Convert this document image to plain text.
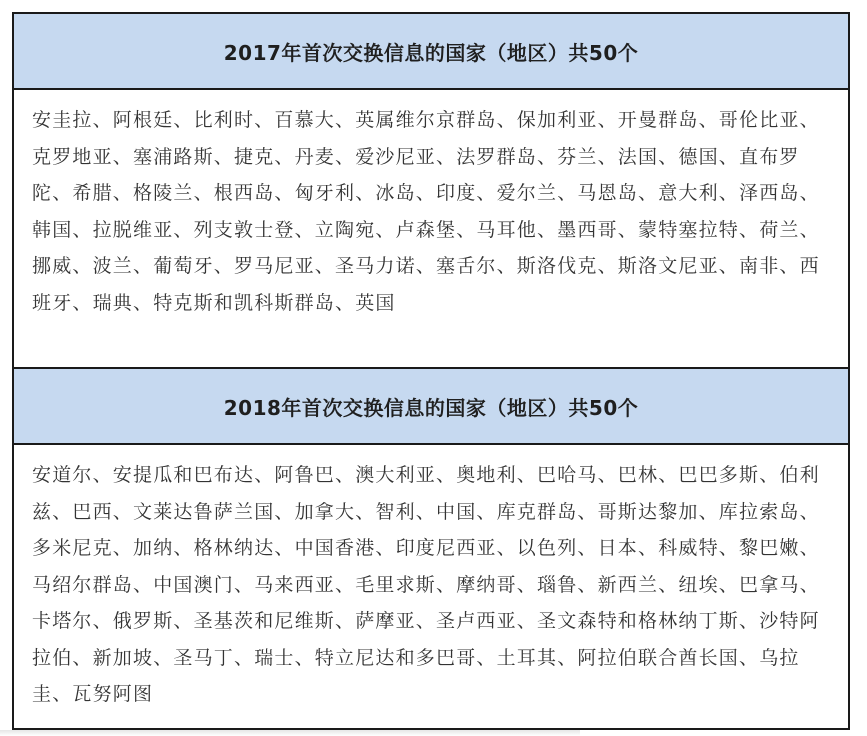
2017年首次交换信息的国家（地区）共50个
安圭拉、阿根廷、比利时、百慕大、英属维尔京群岛、保加利亚、开曼群岛、哥伦比亚、克罗地亚、塞浦路斯、捷克、丹麦、爱沙尼亚、法罗群岛、芬兰、法国、德国、直布罗陀、希腊、格陵兰、根西岛、匈牙利、冰岛、印度、爱尔兰、马恩岛、意大利、泽西岛、韩国、拉脱维亚、列支敦士登、立陶宛、卢森堡、马耳他、墨西哥、蒙特塞拉特、荷兰、挪威、波兰、葡萄牙、罗马尼亚、圣马力诺、塞舌尔、斯洛伐克、斯洛文尼亚、南非、西班牙、瑞典、特克斯和凯科斯群岛、英国
2018年首次交换信息的国家（地区）共50个
安道尔、安提瓜和巴布达、阿鲁巴、澳大利亚、奥地利、巴哈马、巴林、巴巴多斯、伯利兹、巴西、文莱达鲁萨兰国、加拿大、智利、中国、库克群岛、哥斯达黎加、库拉索岛、多米尼克、加纳、格林纳达、中国香港、印度尼西亚、以色列、日本、科威特、黎巴嫩、马绍尔群岛、中国澳门、马来西亚、毛里求斯、摩纳哥、瑙鲁、新西兰、纽埃、巴拿马、卡塔尔、俄罗斯、圣基茨和尼维斯、萨摩亚、圣卢西亚、圣文森特和格林纳丁斯、沙特阿拉伯、新加坡、圣马丁、瑞士、特立尼达和多巴哥、土耳其、阿拉伯联合酋长国、乌拉圭、瓦努阿图
